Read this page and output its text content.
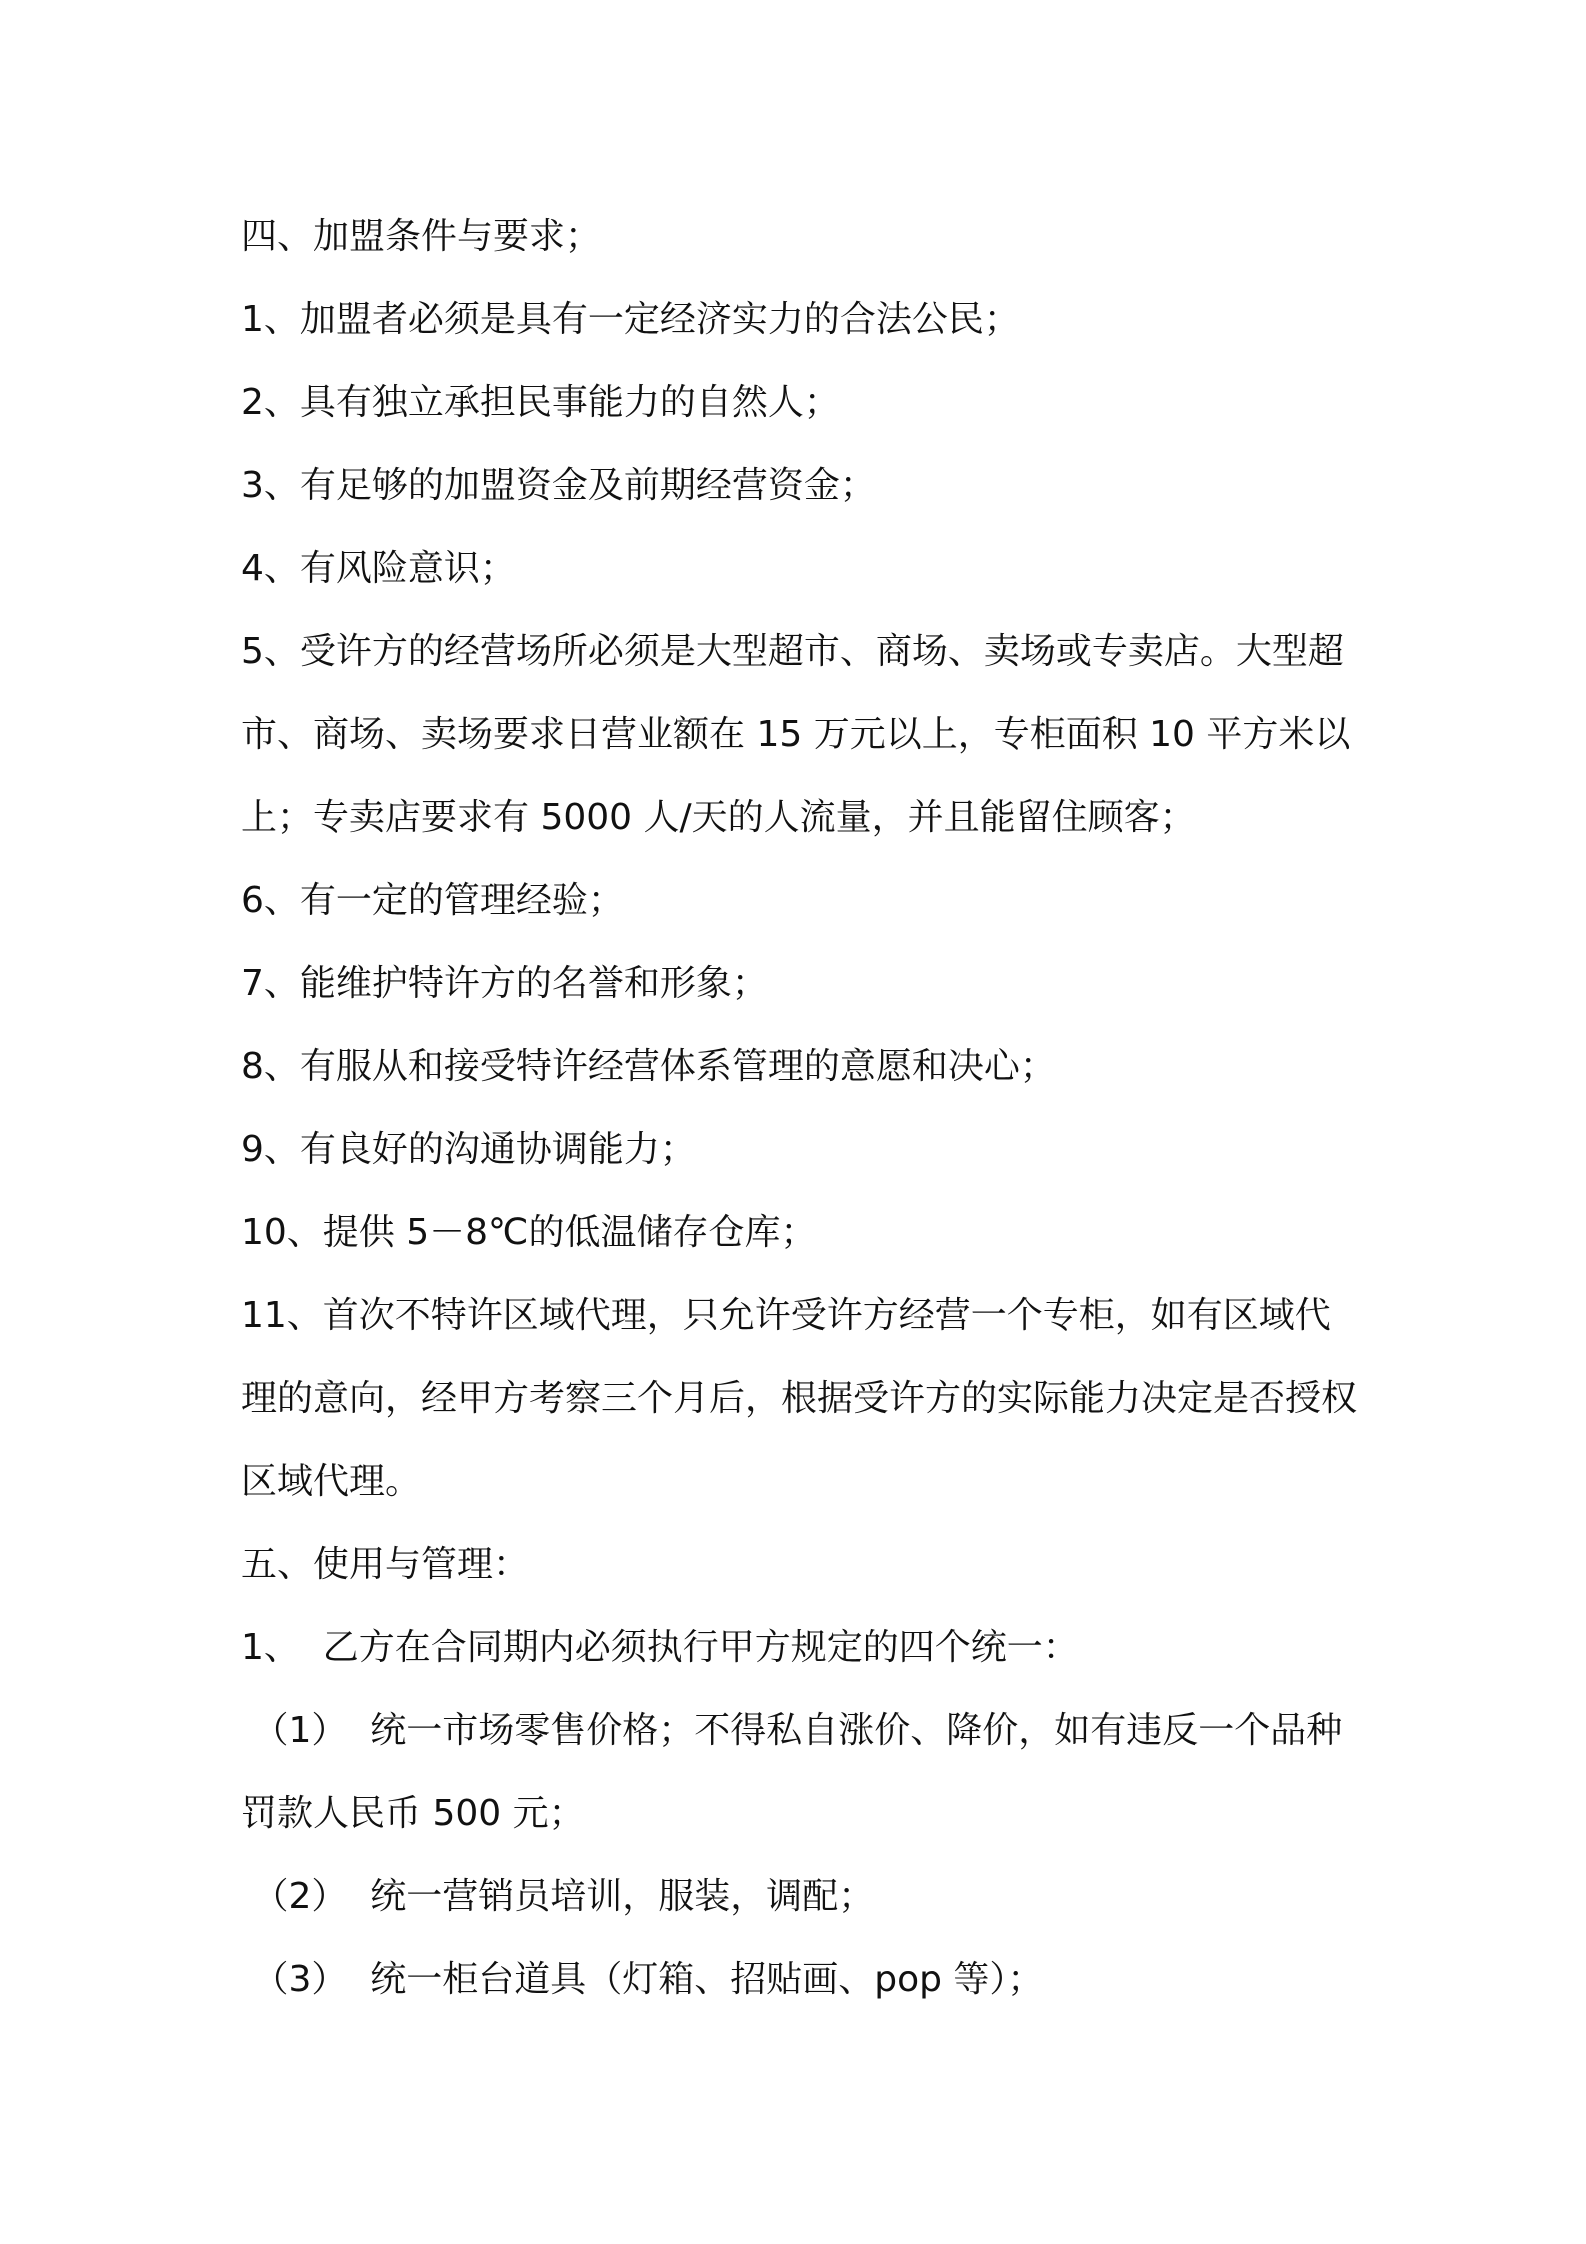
四、加盟条件与要求；

1、加盟者必须是具有一定经济实力的合法公民；

2、具有独立承担民事能力的自然人；

3、有足够的加盟资金及前期经营资金；

4、有风险意识；

5、受许方的经营场所必须是大型超市、商场、卖场或专卖店。大型超市、商场、卖场要求日营业额在 15 万元以上，专柜面积 10 平方米以上；专卖店要求有 5000 人/天的人流量，并且能留住顾客；

6、有一定的管理经验；

7、能维护特许方的名誉和形象；

8、有服从和接受特许经营体系管理的意愿和决心；

9、有良好的沟通协调能力；

10、提供 5－8℃的低温储存仓库；

11、首次不特许区域代理，只允许受许方经营一个专柜，如有区域代理的意向，经甲方考察三个月后，根据受许方的实际能力决定是否授权区域代理。

五、使用与管理：

1、  乙方在合同期内必须执行甲方规定的四个统一：

（1）  统一市场零售价格；不得私自涨价、降价，如有违反一个品种罚款人民币 500 元；

（2）  统一营销员培训，服装，调配；

（3）  统一柜台道具（灯箱、招贴画、pop 等）；
